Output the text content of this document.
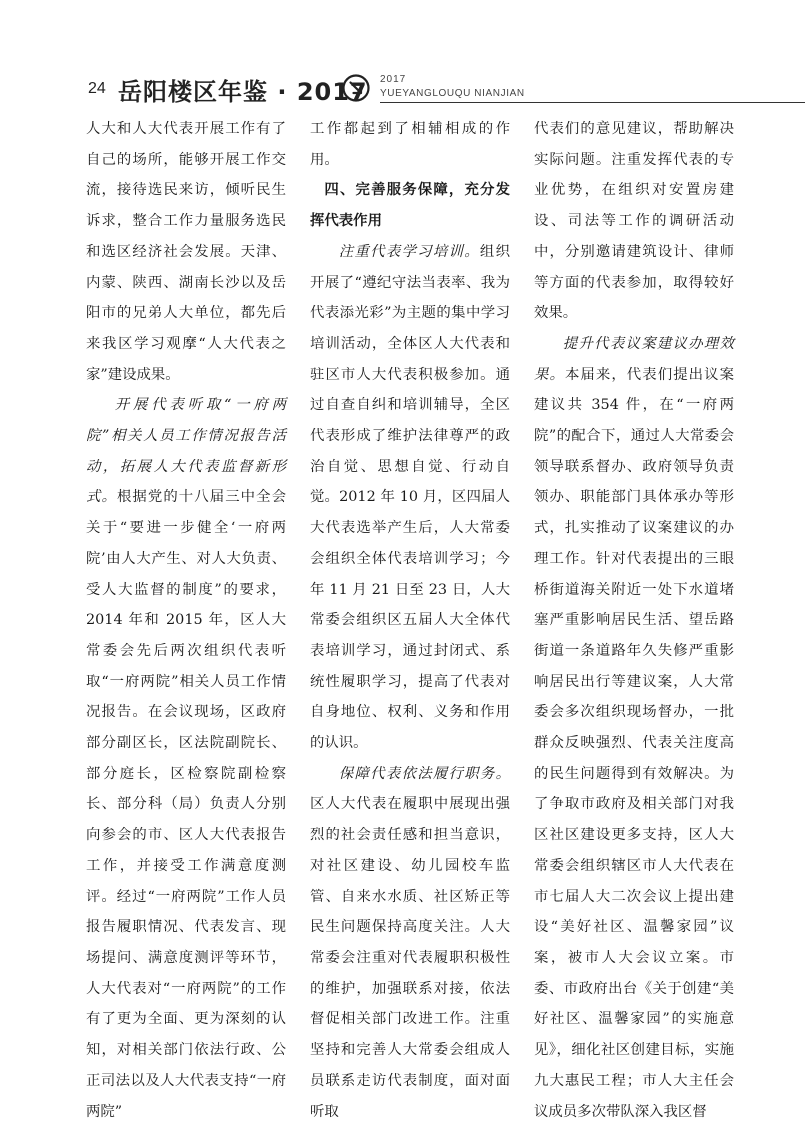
24 岳阳楼区年鉴 · 2017 2017
YUEYANGLOUQU NIANJIAN

人大和人大代表开展工作有了自己的场所，能够开展工作交流，接待选民来访，倾听民生诉求，整合工作力量服务选民和选区经济社会发展。天津、内蒙、陕西、湖南长沙以及岳阳市的兄弟人大单位，都先后来我区学习观摩“人大代表之家”建设成果。

开展代表听取“一府两院”相关人员工作情况报告活动，拓展人大代表监督新形式。根据党的十八届三中全会关于“要进一步健全‘一府两院’由人大产生、对人大负责、受人大监督的制度”的要求，2014 年和 2015 年，区人大常委会先后两次组织代表听取“一府两院”相关人员工作情况报告。在会议现场，区政府部分副区长，区法院副院长、部分庭长，区检察院副检察长、部分科（局）负责人分别向参会的市、区人大代表报告工作，并接受工作满意度测评。经过“一府两院”工作人员报告履职情况、代表发言、现场提问、满意度测评等环节，人大代表对“一府两院”的工作有了更为全面、更为深刻的认知，对相关部门依法行政、公正司法以及人大代表支持“一府两院”

工作都起到了相辅相成的作用。

四、完善服务保障，充分发挥代表作用

注重代表学习培训。组织开展了“遵纪守法当表率、我为代表添光彩”为主题的集中学习培训活动，全体区人大代表和驻区市人大代表积极参加。通过自查自纠和培训辅导，全区代表形成了维护法律尊严的政治自觉、思想自觉、行动自觉。2012 年 10 月，区四届人大代表选举产生后，人大常委会组织全体代表培训学习；今年 11 月 21 日至 23 日，人大常委会组织区五届人大全体代表培训学习，通过封闭式、系统性履职学习，提高了代表对自身地位、权利、义务和作用的认识。

保障代表依法履行职务。区人大代表在履职中展现出强烈的社会责任感和担当意识，对社区建设、幼儿园校车监管、自来水水质、社区矫正等民生问题保持高度关注。人大常委会注重对代表履职积极性的维护，加强联系对接，依法督促相关部门改进工作。注重坚持和完善人大常委会组成人员联系走访代表制度，面对面听取

代表们的意见建议，帮助解决实际问题。注重发挥代表的专业优势，在组织对安置房建设、司法等工作的调研活动中，分别邀请建筑设计、律师等方面的代表参加，取得较好效果。

提升代表议案建议办理效果。本届来，代表们提出议案建议共 354 件，在“一府两院”的配合下，通过人大常委会领导联系督办、政府领导负责领办、职能部门具体承办等形式，扎实推动了议案建议的办理工作。针对代表提出的三眼桥街道海关附近一处下水道堵塞严重影响居民生活、望岳路街道一条道路年久失修严重影响居民出行等建议案，人大常委会多次组织现场督办，一批群众反映强烈、代表关注度高的民生问题得到有效解决。为了争取市政府及相关部门对我区社区建设更多支持，区人大常委会组织辖区市人大代表在市七届人大二次会议上提出建设“美好社区、温馨家园”议案，被市人大会议立案。市委、市政府出台《关于创建“美好社区、温馨家园”的实施意见》，细化社区创建目标，实施九大惠民工程；市人大主任会议成员多次带队深入我区督
